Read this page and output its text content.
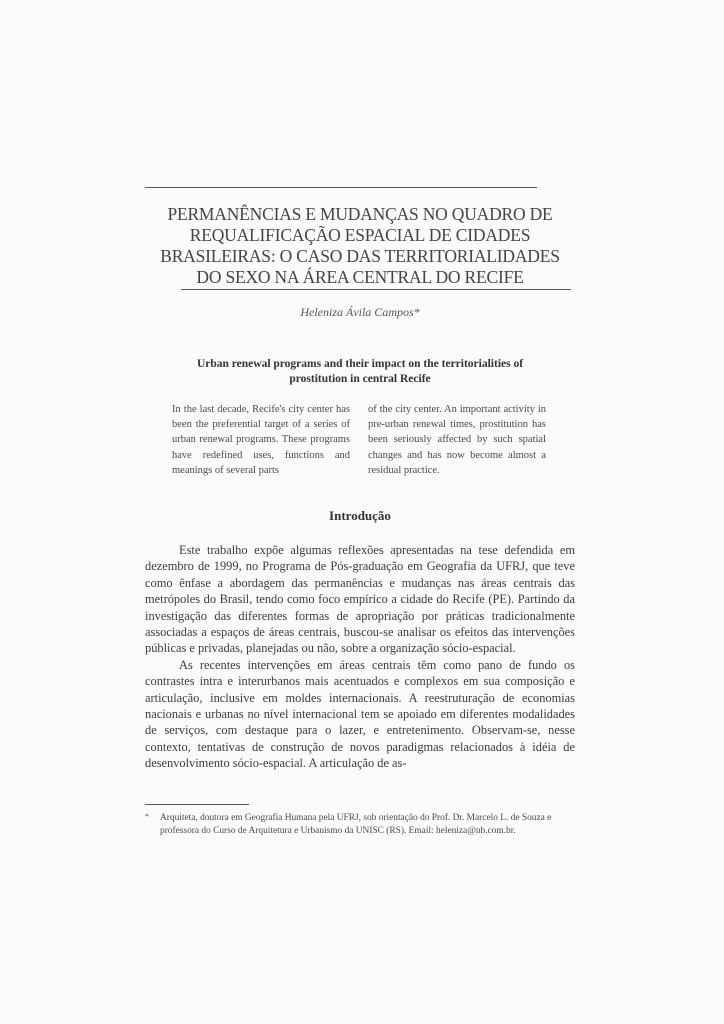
PERMANÊNCIAS E MUDANÇAS NO QUADRO DE REQUALIFICAÇÃO ESPACIAL DE CIDADES BRASILEIRAS: O CASO DAS TERRITORIALIDADES DO SEXO NA ÁREA CENTRAL DO RECIFE
Heleniza Ávila Campos*
Urban renewal programs and their impact on the territorialities of prostitution in central Recife
In the last decade, Recife's city center has been the preferential target of a series of urban renewal programs. These programs have redefined uses, functions and meanings of several parts
of the city center. An important activity in pre-urban renewal times, prostitution has been seriously affected by such spatial changes and has now become almost a residual practice.
Introdução

Este trabalho expõe algumas reflexões apresentadas na tese defendida em dezembro de 1999, no Programa de Pós-graduação em Geografia da UFRJ, que teve como ênfase a abordagem das permanências e mudanças nas áreas centrais das metrópoles do Brasil, tendo como foco empírico a cidade do Recife (PE). Partindo da investigação das diferentes formas de apropriação por práticas tradicionalmente associadas a espaços de áreas centrais, buscou-se analisar os efeitos das intervenções públicas e privadas, planejadas ou não, sobre a organização sócio-espacial.

As recentes intervenções em áreas centrais têm como pano de fundo os contrastes intra e interurbanos mais acentuados e complexos em sua composição e articulação, inclusive em moldes internacionais. A reestruturação de economias nacionais e urbanas no nível internacional tem se apoiado em diferentes modalidades de serviços, com destaque para o lazer, e entretenimento. Observam-se, nesse contexto, tentativas de construção de novos paradigmas relacionados à idéia de desenvolvimento sócio-espacial. A articulação de as-

*	Arquiteta, doutora em Geografia Humana pela UFRJ, sob orientação do Prof. Dr. Marcelo L. de Souza e professora do Curso de Arquitetura e Urbanismo da UNISC (RS). Email: heleniza@nb.com.br.
